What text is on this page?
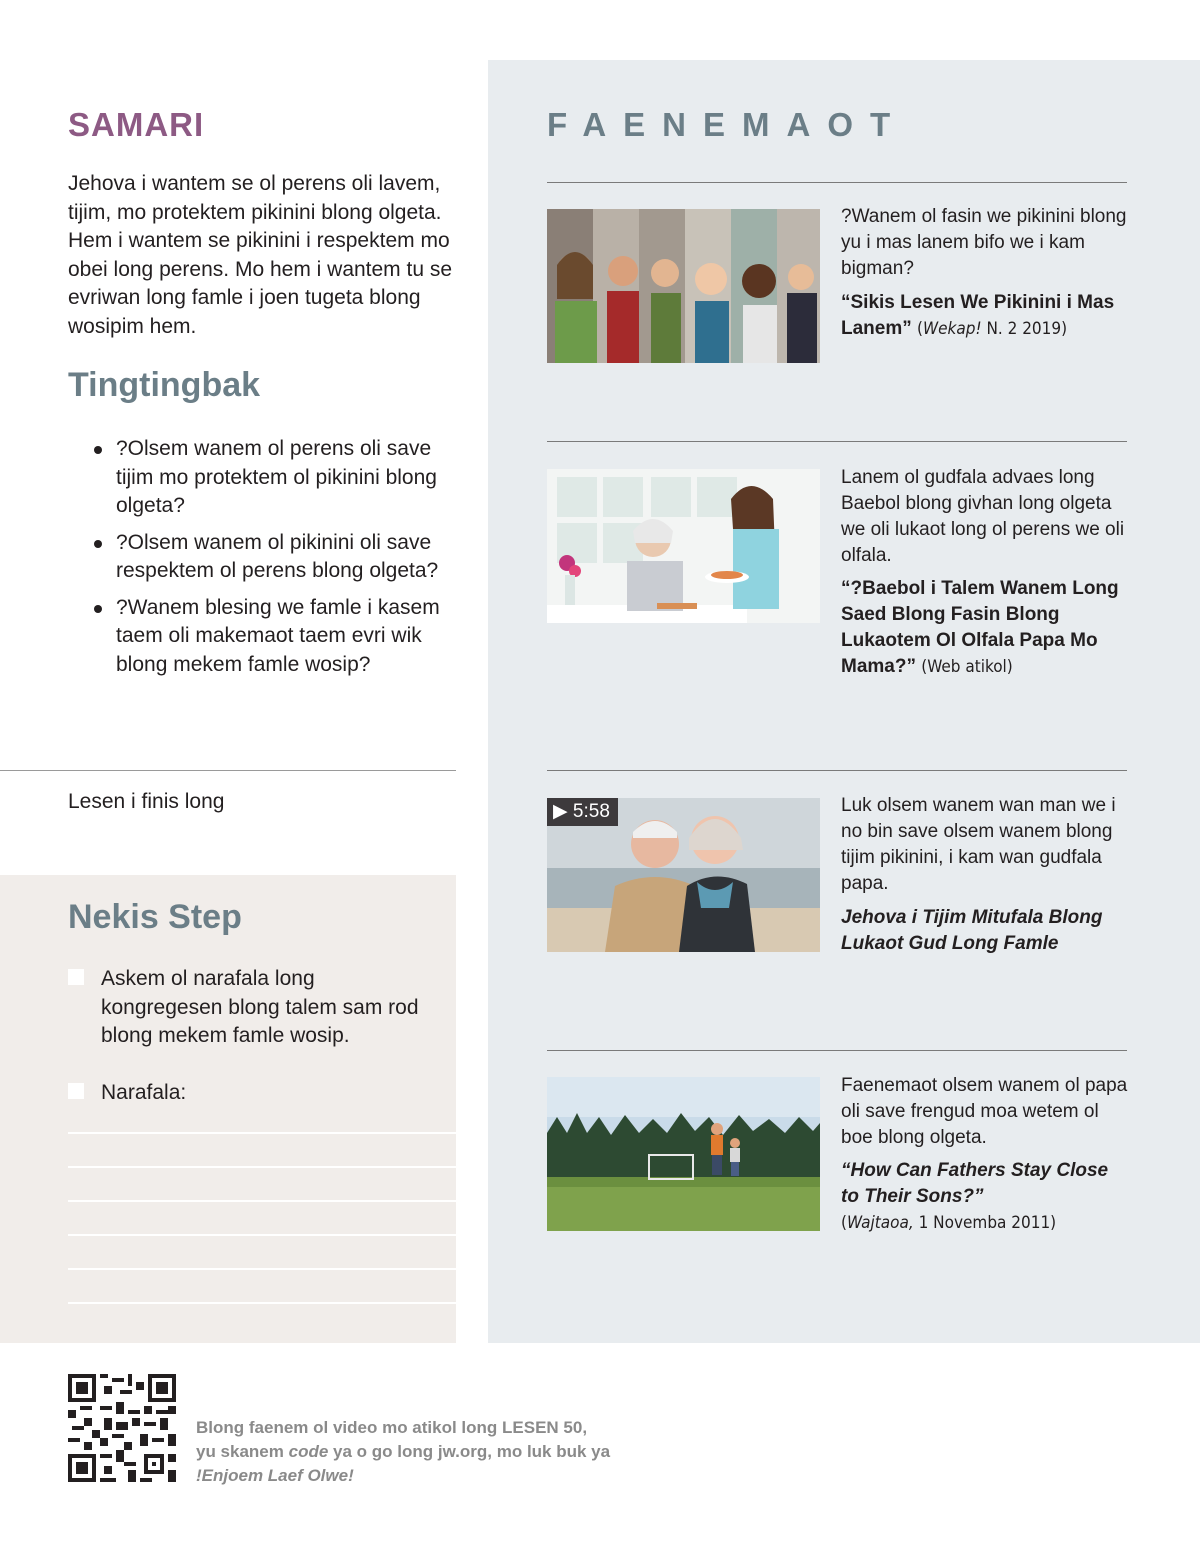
SAMARI

Jehova i wantem se ol perens oli lavem, tijim, mo protektem pikinini blong olgeta. Hem i wantem se pikinini i respektem mo obei long perens. Mo hem i wantem tu se evriwan long famle i joen tugeta blong wosipim hem.

Tingtingbak
?Olsem wanem ol perens oli save tijim mo protektem ol pikinini blong olgeta?
?Olsem wanem ol pikinini oli save respektem ol perens blong olgeta?
?Wanem blesing we famle i kasem taem oli makemaot taem evri wik blong mekem famle wosip?
Lesen i finis long
Nekis Step
Askem ol narafala long kongregesen blong talem sam rod blong mekem famle wosip.
Narafala:
FAENEMAOT

?Wanem ol fasin we pikinini blong yu i mas lanem bifo we i kam bigman?

“Sikis Lesen We Pikinini i Mas Lanem” (Wekap! N. 2 2019)

Lanem ol gudfala advaes long Baebol blong givhan long olgeta we oli lukaot long ol perens we oli olfala.

“?Baebol i Talem Wanem Long Saed Blong Fasin Blong Lukaotem Ol Olfala Papa Mo Mama?” (Web atikol)

▶ 5:58	Luk olsem wanem wan man we i no bin save olsem wanem blong tijim pikinini, i kam wan gudfala papa.

Jehova i Tijim Mitufala Blong Lukaot Gud Long Famle

Faenemaot olsem wanem ol papa oli save frengud moa wetem ol boe blong olgeta.

“How Can Fathers Stay Close to Their Sons?”

(Wajtaoa, 1 Novemba 2011)

Blong faenem ol video mo atikol long LESEN 50,
yu skanem code ya o go long jw.org, mo luk buk ya
!Enjoem Laef Olwe!
